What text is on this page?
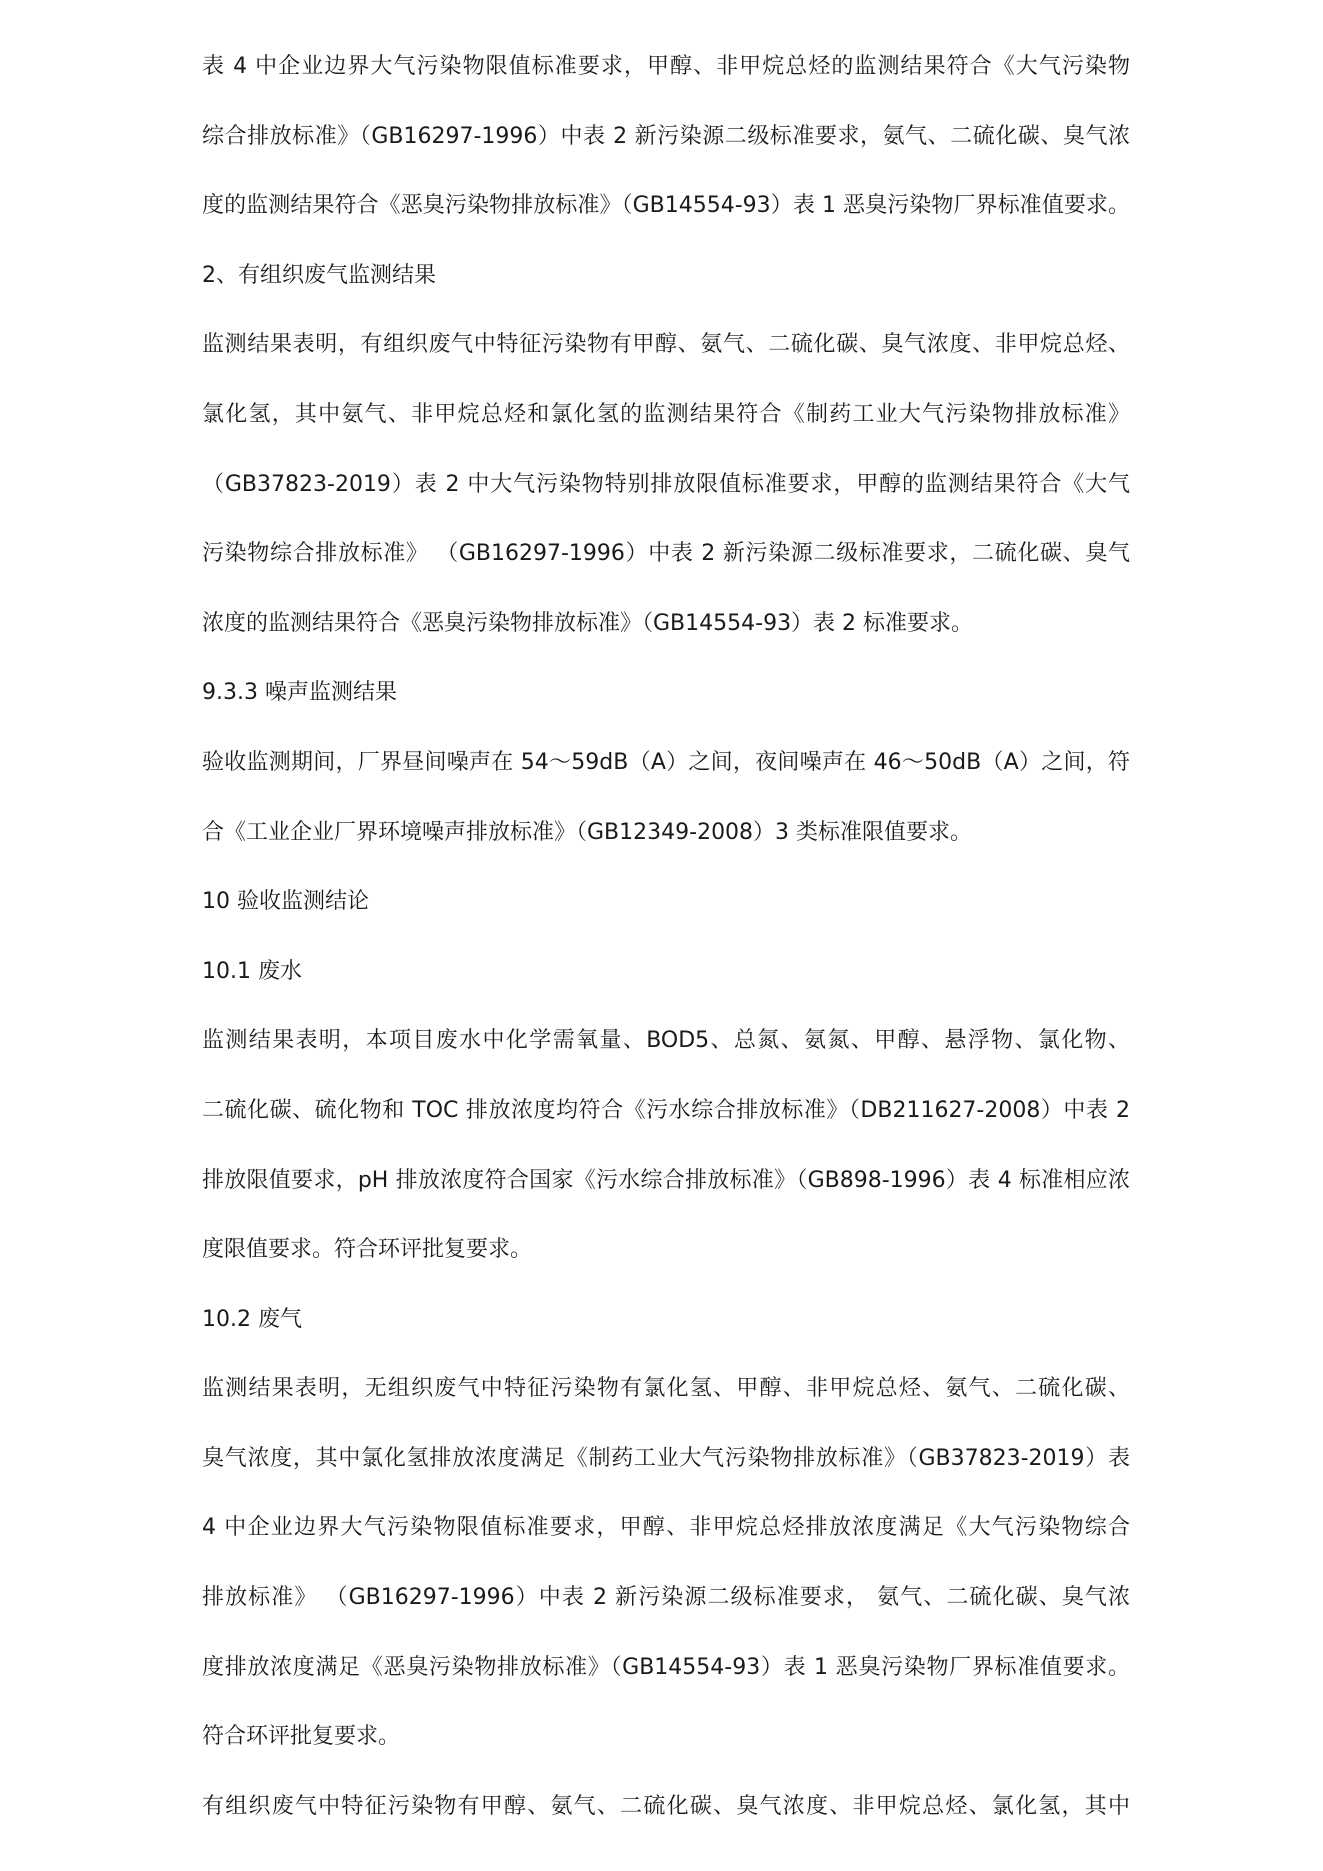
表 4 中企业边界大气污染物限值标准要求，甲醇、非甲烷总烃的监测结果符合《大气污染物
综合排放标准》（GB16297-1996）中表 2 新污染源二级标准要求，氨气、二硫化碳、臭气浓
度的监测结果符合《恶臭污染物排放标准》（GB14554-93）表 1 恶臭污染物厂界标准值要求。
2、有组织废气监测结果
监测结果表明，有组织废气中特征污染物有甲醇、氨气、二硫化碳、臭气浓度、非甲烷总烃、
氯化氢，其中氨气、非甲烷总烃和氯化氢的监测结果符合《制药工业大气污染物排放标准》
（GB37823-2019）表 2 中大气污染物特别排放限值标准要求，甲醇的监测结果符合《大气
污染物综合排放标准》 （GB16297-1996）中表 2 新污染源二级标准要求，二硫化碳、臭气
浓度的监测结果符合《恶臭污染物排放标准》（GB14554-93）表 2 标准要求。
9.3.3 噪声监测结果
验收监测期间，厂界昼间噪声在 54～59dB（A）之间，夜间噪声在 46～50dB（A）之间，符
合《工业企业厂界环境噪声排放标准》（GB12349-2008）3 类标准限值要求。
10 验收监测结论
10.1 废水
监测结果表明，本项目废水中化学需氧量、BOD5、总氮、氨氮、甲醇、悬浮物、氯化物、
二硫化碳、硫化物和 TOC 排放浓度均符合《污水综合排放标准》（DB211627-2008）中表 2
排放限值要求，pH 排放浓度符合国家《污水综合排放标准》（GB898-1996）表 4 标准相应浓
度限值要求。符合环评批复要求。
10.2 废气
监测结果表明，无组织废气中特征污染物有氯化氢、甲醇、非甲烷总烃、氨气、二硫化碳、
臭气浓度，其中氯化氢排放浓度满足《制药工业大气污染物排放标准》（GB37823-2019）表
4 中企业边界大气污染物限值标准要求，甲醇、非甲烷总烃排放浓度满足《大气污染物综合
排放标准》 （GB16297-1996）中表 2 新污染源二级标准要求， 氨气、二硫化碳、臭气浓
度排放浓度满足《恶臭污染物排放标准》（GB14554-93）表 1 恶臭污染物厂界标准值要求。
符合环评批复要求。
有组织废气中特征污染物有甲醇、氨气、二硫化碳、臭气浓度、非甲烷总烃、氯化氢，其中
